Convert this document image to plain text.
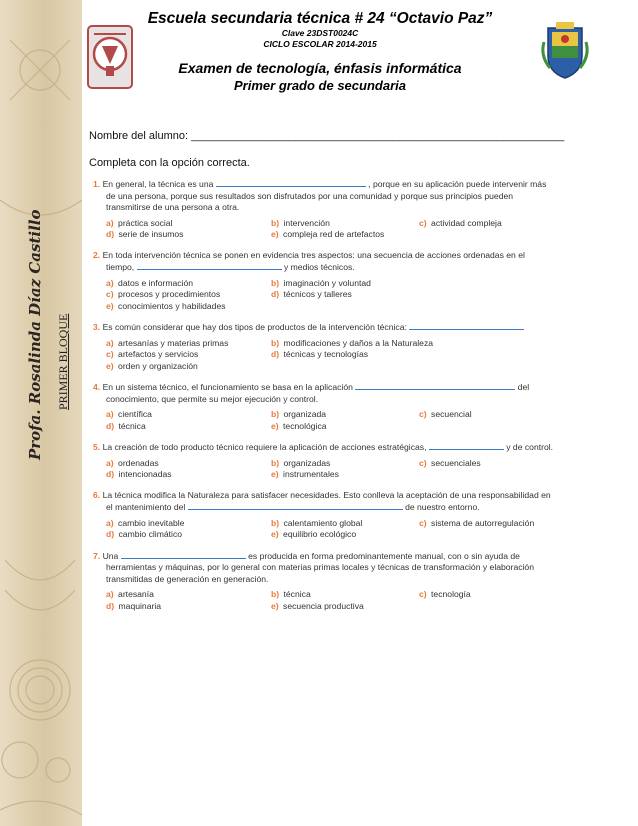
Profa. Rosalinda Díaz Castillo PRIMER BLOQUE
Escuela secundaria técnica # 24 “Octavio Paz”
Clave 23DST0024C
CICLO ESCOLAR 2014-2015
Examen de tecnología, énfasis informática
Primer grado de secundaria
Nombre del alumno: _____________________________________________________________
Completa con la opción correcta.
1. En general, la técnica es una	, porque en su aplicación puede intervenir más de una persona, porque sus resultados son disfrutados por una comunidad y porque sus principios pueden transmitirse de una persona a otra.
a) práctica social	b) intervención	c) actividad compleja
d) serie de insumos	e) compleja red de artefactos
2. En toda intervención técnica se ponen en evidencia tres aspectos: una secuencia de acciones ordenadas en el tiempo,	y medios técnicos.
a) datos e información	b) imaginación y voluntad
c) procesos y procedimientos	d) técnicos y talleres
e) conocimientos y habilidades
3. Es común considerar que hay dos tipos de productos de la intervención técnica:
a) artesanías y materias primas	b) modificaciones y daños a la Naturaleza
c) artefactos y servicios	d) técnicas y tecnologías
e) orden y organización
4. En un sistema técnico, el funcionamiento se basa en la aplicación	del conocimiento, que permite su mejor ejecución y control.
a) científica	b) organizada	c) secuencial
d) técnica	e) tecnológica
5. La creación de todo producto técnico requiere la aplicación de acciones estratégicas,	y de control.
a) ordenadas	b) organizadas	c) secuenciales
d) intencionadas	e) instrumentales
6. La técnica modifica la Naturaleza para satisfacer necesidades. Esto conlleva la aceptación de una responsabilidad en el mantenimiento del	de nuestro entorno.
a) cambio inevitable	b) calentamiento global	c) sistema de autorregulación
d) cambio climático	e) equilibrio ecológico
7. Una	es producida en forma predominantemente manual, con o sin ayuda de herramientas y máquinas, por lo general con materias primas locales y técnicas de transformación y elaboración transmitidas de generación en generación.
a) artesanía	b) técnica	c) tecnología
d) maquinaria	e) secuencia productiva
